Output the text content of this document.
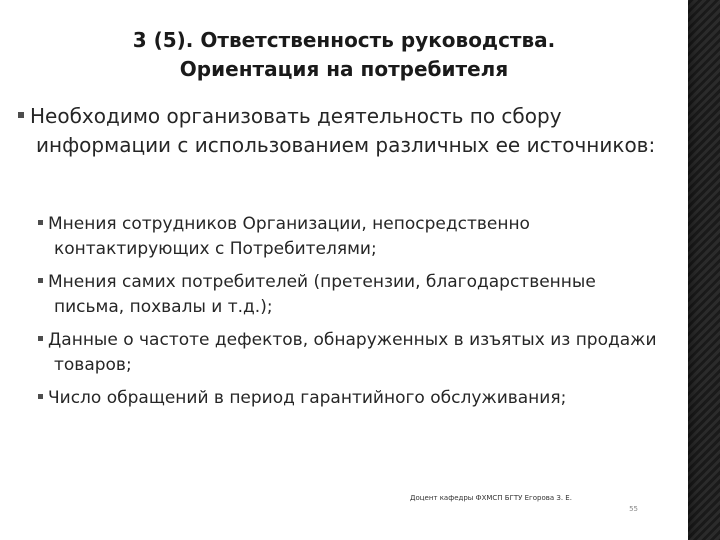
3 (5). Ответственность руководства.
Ориентация на потребителя
Необходимо организовать деятельность по сбору информации с использованием различных ее источников:
Мнения сотрудников Организации, непосредственно контактирующих с Потребителями;
Мнения самих потребителей (претензии, благодарственные письма, похвалы и т.д.);
Данные о частоте дефектов, обнаруженных в изъятых из продажи товаров;
Число обращений в период гарантийного обслуживания;
Доцент кафедры ФХМСП БГТУ Егорова З. Е.
55
